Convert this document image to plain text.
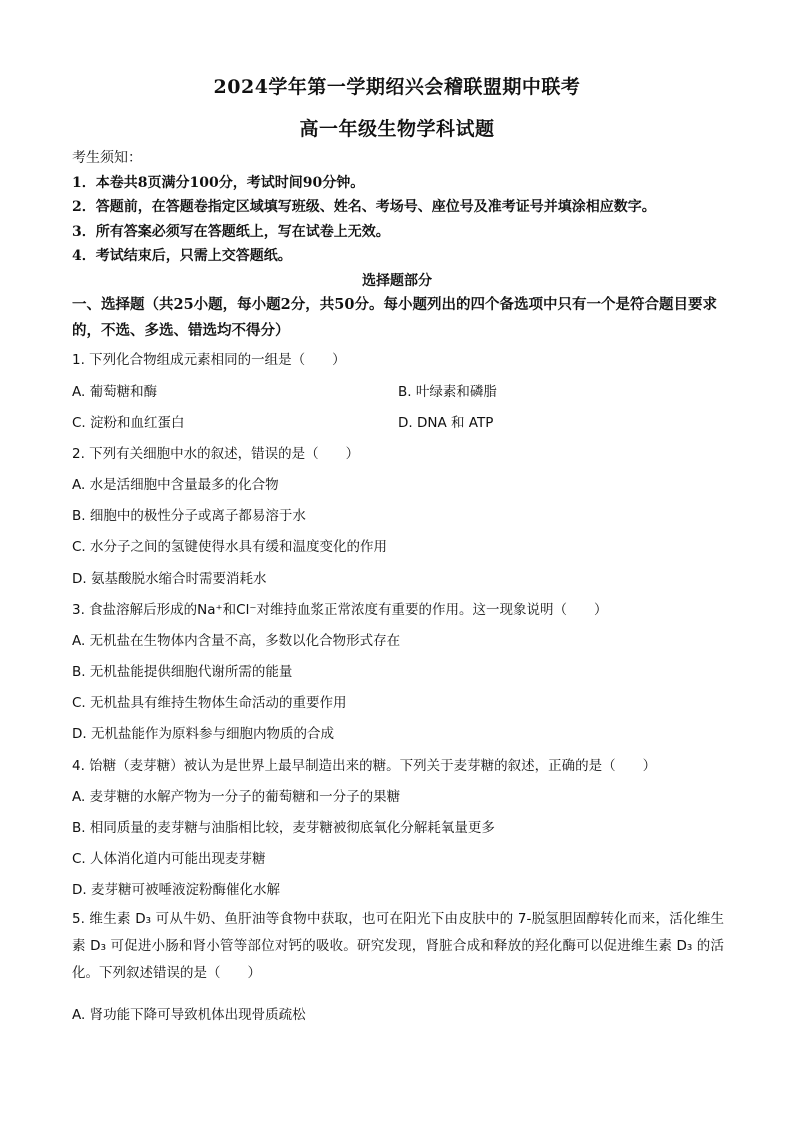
2024学年第一学期绍兴会稽联盟期中联考
高一年级生物学科试题
考生须知：
1．本卷共8页满分100分，考试时间90分钟。
2．答题前，在答题卷指定区域填写班级、姓名、考场号、座位号及准考证号并填涂相应数字。
3．所有答案必须写在答题纸上，写在试卷上无效。
4．考试结束后，只需上交答题纸。
选择题部分
一、选择题（共25小题，每小题2分，共50分。每小题列出的四个备选项中只有一个是符合题目要求的，不选、多选、错选均不得分）
1. 下列化合物组成元素相同的一组是（　　）
A. 葡萄糖和酶	B. 叶绿素和磷脂
C. 淀粉和血红蛋白	D. DNA 和 ATP
2. 下列有关细胞中水的叙述，错误的是（　　）
A. 水是活细胞中含量最多的化合物
B. 细胞中的极性分子或离子都易溶于水
C. 水分子之间的氢键使得水具有缓和温度变化的作用
D. 氨基酸脱水缩合时需要消耗水
3. 食盐溶解后形成的Na⁺和Cl⁻对维持血浆正常浓度有重要的作用。这一现象说明（　　）
A. 无机盐在生物体内含量不高，多数以化合物形式存在
B. 无机盐能提供细胞代谢所需的能量
C. 无机盐具有维持生物体生命活动的重要作用
D. 无机盐能作为原料参与细胞内物质的合成
4. 饴糖（麦芽糖）被认为是世界上最早制造出来的糖。下列关于麦芽糖的叙述，正确的是（　　）
A. 麦芽糖的水解产物为一分子的葡萄糖和一分子的果糖
B. 相同质量的麦芽糖与油脂相比较，麦芽糖被彻底氧化分解耗氧量更多
C. 人体消化道内可能出现麦芽糖
D. 麦芽糖可被唾液淀粉酶催化水解
5. 维生素 D₃ 可从牛奶、鱼肝油等食物中获取，也可在阳光下由皮肤中的 7-脱氢胆固醇转化而来，活化维生素 D₃ 可促进小肠和肾小管等部位对钙的吸收。研究发现，肾脏合成和释放的羟化酶可以促进维生素 D₃ 的活化。下列叙述错误的是（　　）
A. 肾功能下降可导致机体出现骨质疏松
